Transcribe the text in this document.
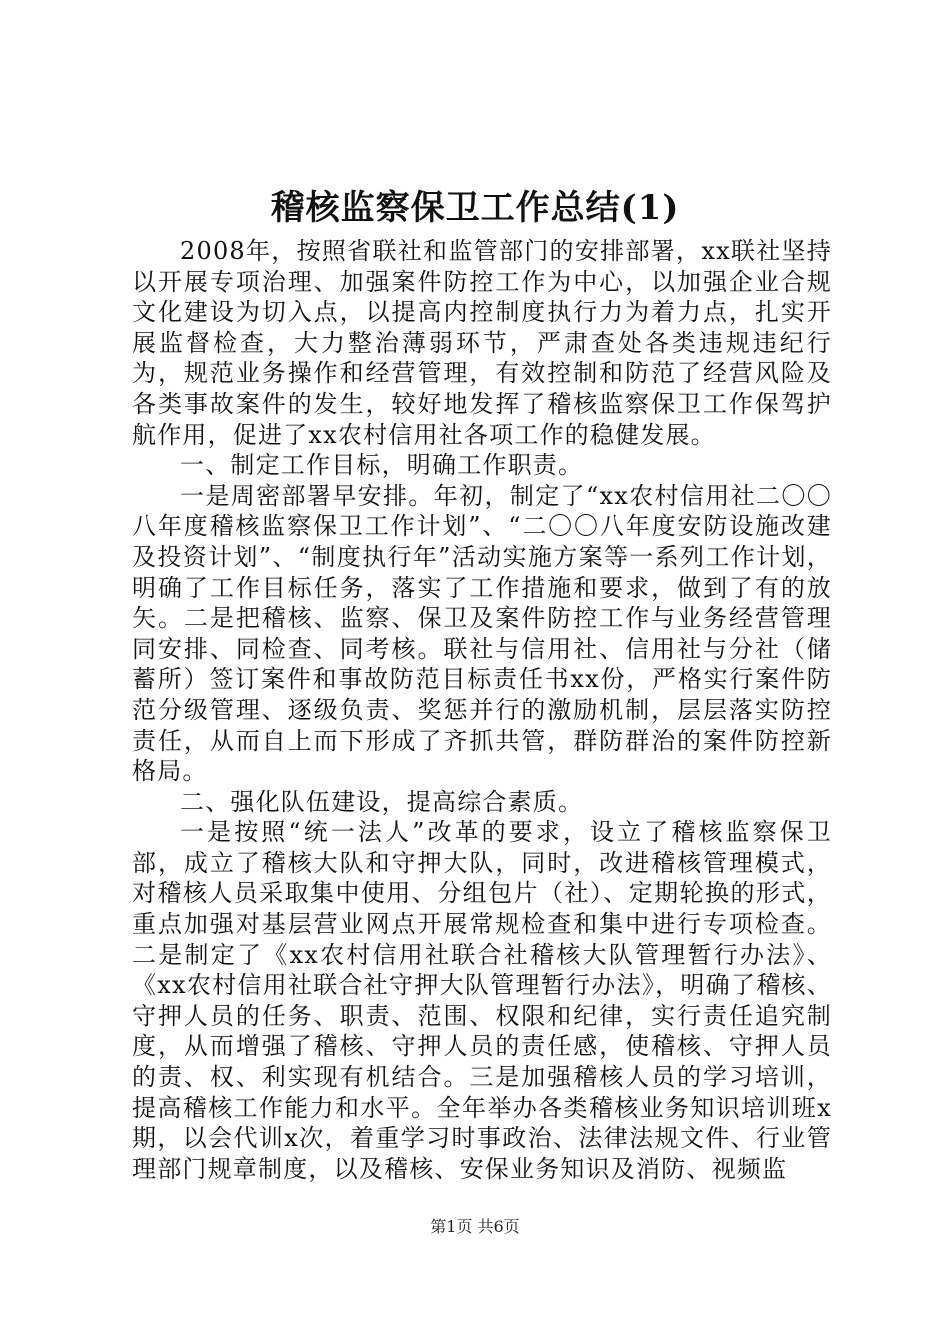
稽核监察保卫工作总结(1)

2008年，按照省联社和监管部门的安排部署，xx联社坚持以开展专项治理、加强案件防控工作为中心，以加强企业合规文化建设为切入点，以提高内控制度执行力为着力点，扎实开展监督检查，大力整治薄弱环节，严肃查处各类违规违纪行为，规范业务操作和经营管理，有效控制和防范了经营风险及各类事故案件的发生，较好地发挥了稽核监察保卫工作保驾护航作用，促进了xx农村信用社各项工作的稳健发展。

一、制定工作目标，明确工作职责。

一是周密部署早安排。年初，制定了“xx农村信用社二〇〇八年度稽核监察保卫工作计划”、“二〇〇八年度安防设施改建及投资计划”、“制度执行年”活动实施方案等一系列工作计划，明确了工作目标任务，落实了工作措施和要求，做到了有的放矢。二是把稽核、监察、保卫及案件防控工作与业务经营管理同安排、同检查、同考核。联社与信用社、信用社与分社（储蓄所）签订案件和事故防范目标责任书xx份，严格实行案件防范分级管理、逐级负责、奖惩并行的激励机制，层层落实防控责任，从而自上而下形成了齐抓共管，群防群治的案件防控新格局。

二、强化队伍建设，提高综合素质。

一是按照“统一法人”改革的要求，设立了稽核监察保卫部，成立了稽核大队和守押大队，同时，改进稽核管理模式，对稽核人员采取集中使用、分组包片（社）、定期轮换的形式，重点加强对基层营业网点开展常规检查和集中进行专项检查。二是制定了《xx农村信用社联合社稽核大队管理暂行办法》、《xx农村信用社联合社守押大队管理暂行办法》，明确了稽核、守押人员的任务、职责、范围、权限和纪律，实行责任追究制度，从而增强了稽核、守押人员的责任感，使稽核、守押人员的责、权、利实现有机结合。三是加强稽核人员的学习培训，提高稽核工作能力和水平。全年举办各类稽核业务知识培训班x期，以会代训x次，着重学习时事政治、法律法规文件、行业管理部门规章制度，以及稽核、安保业务知识及消防、视频监

第1页 共6页
